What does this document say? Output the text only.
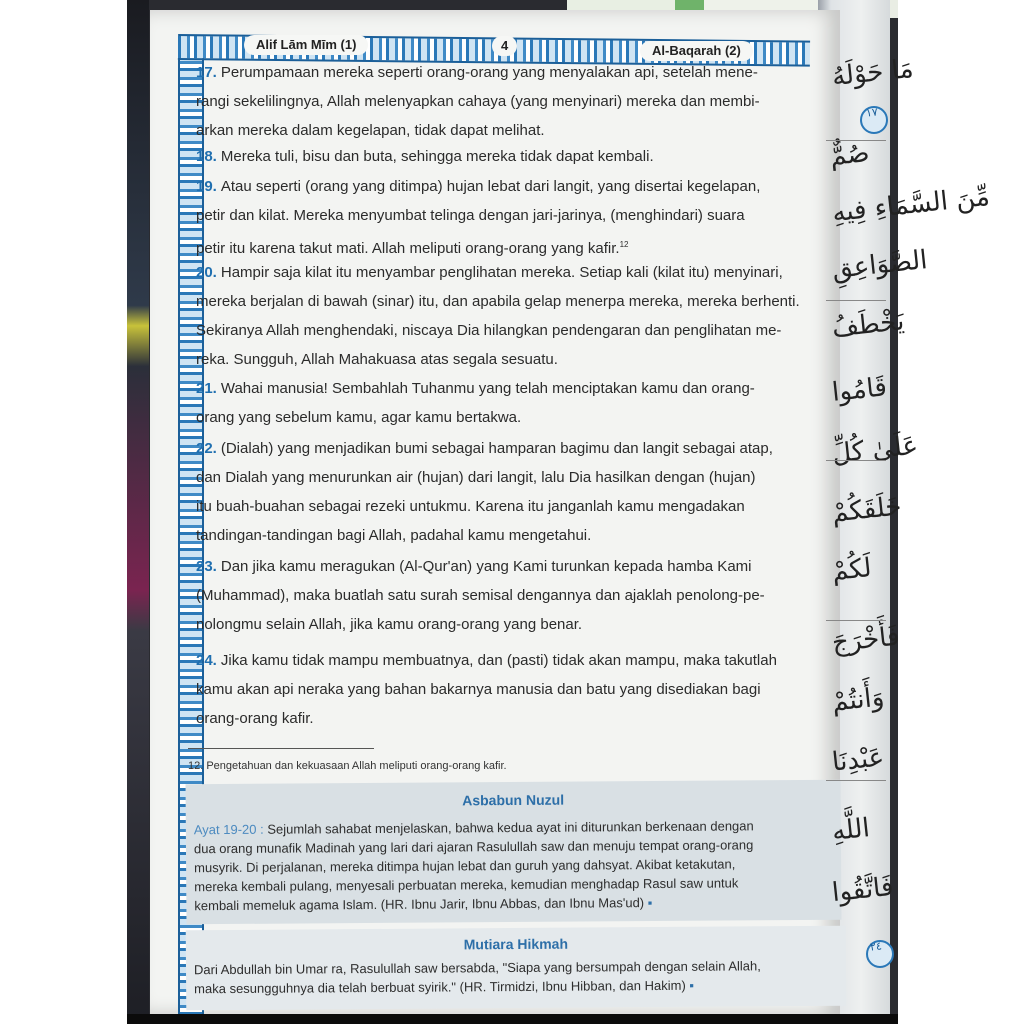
Alif Lām Mīm (1)	4	Al-Baqarah (2)
17. Perumpamaan mereka seperti orang-orang yang menyalakan api, setelah mene-
rangi sekelilingnya, Allah melenyapkan cahaya (yang menyinari) mereka dan membi-
arkan mereka dalam kegelapan, tidak dapat melihat.
18. Mereka tuli, bisu dan buta, sehingga mereka tidak dapat kembali.
19. Atau seperti (orang yang ditimpa) hujan lebat dari langit, yang disertai kegelapan,
petir dan kilat. Mereka menyumbat telinga dengan jari-jarinya, (menghindari) suara
petir itu karena takut mati. Allah meliputi orang-orang yang kafir.$^{12}$
20. Hampir saja kilat itu menyambar penglihatan mereka. Setiap kali (kilat itu) menyinari,
mereka berjalan di bawah (sinar) itu, dan apabila gelap menerpa mereka, mereka berhenti.
Sekiranya Allah menghendaki, niscaya Dia hilangkan pendengaran dan penglihatan me-
reka. Sungguh, Allah Mahakuasa atas segala sesuatu.
21. Wahai manusia! Sembahlah Tuhanmu yang telah menciptakan kamu dan orang-
orang yang sebelum kamu, agar kamu bertakwa.
22. (Dialah) yang menjadikan bumi sebagai hamparan bagimu dan langit sebagai atap,
dan Dialah yang menurunkan air (hujan) dari langit, lalu Dia hasilkan dengan (hujan)
itu buah-buahan sebagai rezeki untukmu. Karena itu janganlah kamu mengadakan
tandingan-tandingan bagi Allah, padahal kamu mengetahui.
23. Dan jika kamu meragukan (Al-Qur'an) yang Kami turunkan kepada hamba Kami
(Muhammad), maka buatlah satu surah semisal dengannya dan ajaklah penolong-pe-
nolongmu selain Allah, jika kamu orang-orang yang benar.
24. Jika kamu tidak mampu membuatnya, dan (pasti) tidak akan mampu, maka takutlah
kamu akan api neraka yang bahan bakarnya manusia dan batu yang disediakan bagi
orang-orang kafir.
12. Pengetahuan dan kekuasaan Allah meliputi orang-orang kafir.
Asbabun Nuzul
Ayat 19-20 : Sejumlah sahabat menjelaskan, bahwa kedua ayat ini diturunkan berkenaan dengan
dua orang munafik Madinah yang lari dari ajaran Rasulullah saw dan menuju tempat orang-orang
musyrik. Di perjalanan, mereka ditimpa hujan lebat dan guruh yang dahsyat. Akibat ketakutan,
mereka kembali pulang, menyesali perbuatan mereka, kemudian menghadap Rasul saw untuk
kembali memeluk agama Islam. (HR. Ibnu Jarir, Ibnu Abbas, dan Ibnu Mas'ud) ▪
Mutiara Hikmah
Dari Abdullah bin Umar ra, Rasulullah saw bersabda, "Siapa yang bersumpah dengan selain Allah,
maka sesungguhnya dia telah berbuat syirik." (HR. Tirmidzi, Ibnu Hibban, dan Hakim) ▪
مَا حَوْلَهُ
١٧
صُمٌّ
مِّنَ السَّمَاءِ فِيهِ
الصَّوَاعِقِ
يَخْطَفُ
قَامُوا
عَلَىٰ كُلِّ
خَلَقَكُمْ
لَكُمْ
فَأَخْرَجَ
وَأَنتُمْ
عَبْدِنَا
اللَّهِ
فَاتَّقُوا
٢٤
